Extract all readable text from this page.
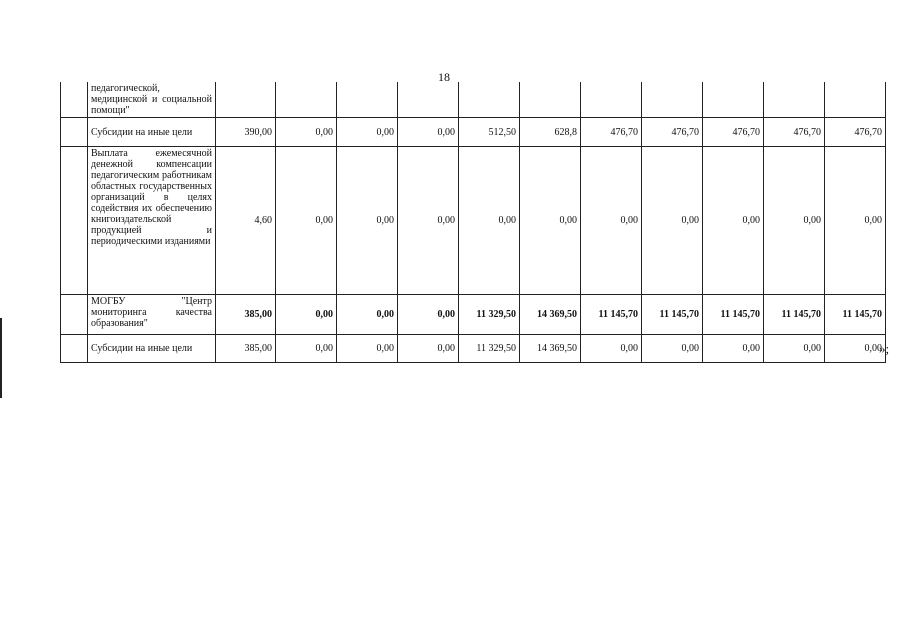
18
	педагогической, медицинской и социальной помощи"											
	Субсидии на иные цели	390,00	0,00	0,00	0,00	512,50	628,8	476,70	476,70	476,70	476,70	476,70
	Выплата ежемесячной денежной компенсации педагогическим работникам областных государственных организаций в целях содействия их обеспечению книгоиздательской продукцией и периодическими изданиями	4,60	0,00	0,00	0,00	0,00	0,00	0,00	0,00	0,00	0,00	0,00
	МОГБУ "Центр мониторинга качества образования"	385,00	0,00	0,00	0,00	11 329,50	14 369,50	11 145,70	11 145,70	11 145,70	11 145,70	11 145,70
	Субсидии на иные цели	385,00	0,00	0,00	0,00	11 329,50	14 369,50	0,00	0,00	0,00	0,00	0,00
»;
